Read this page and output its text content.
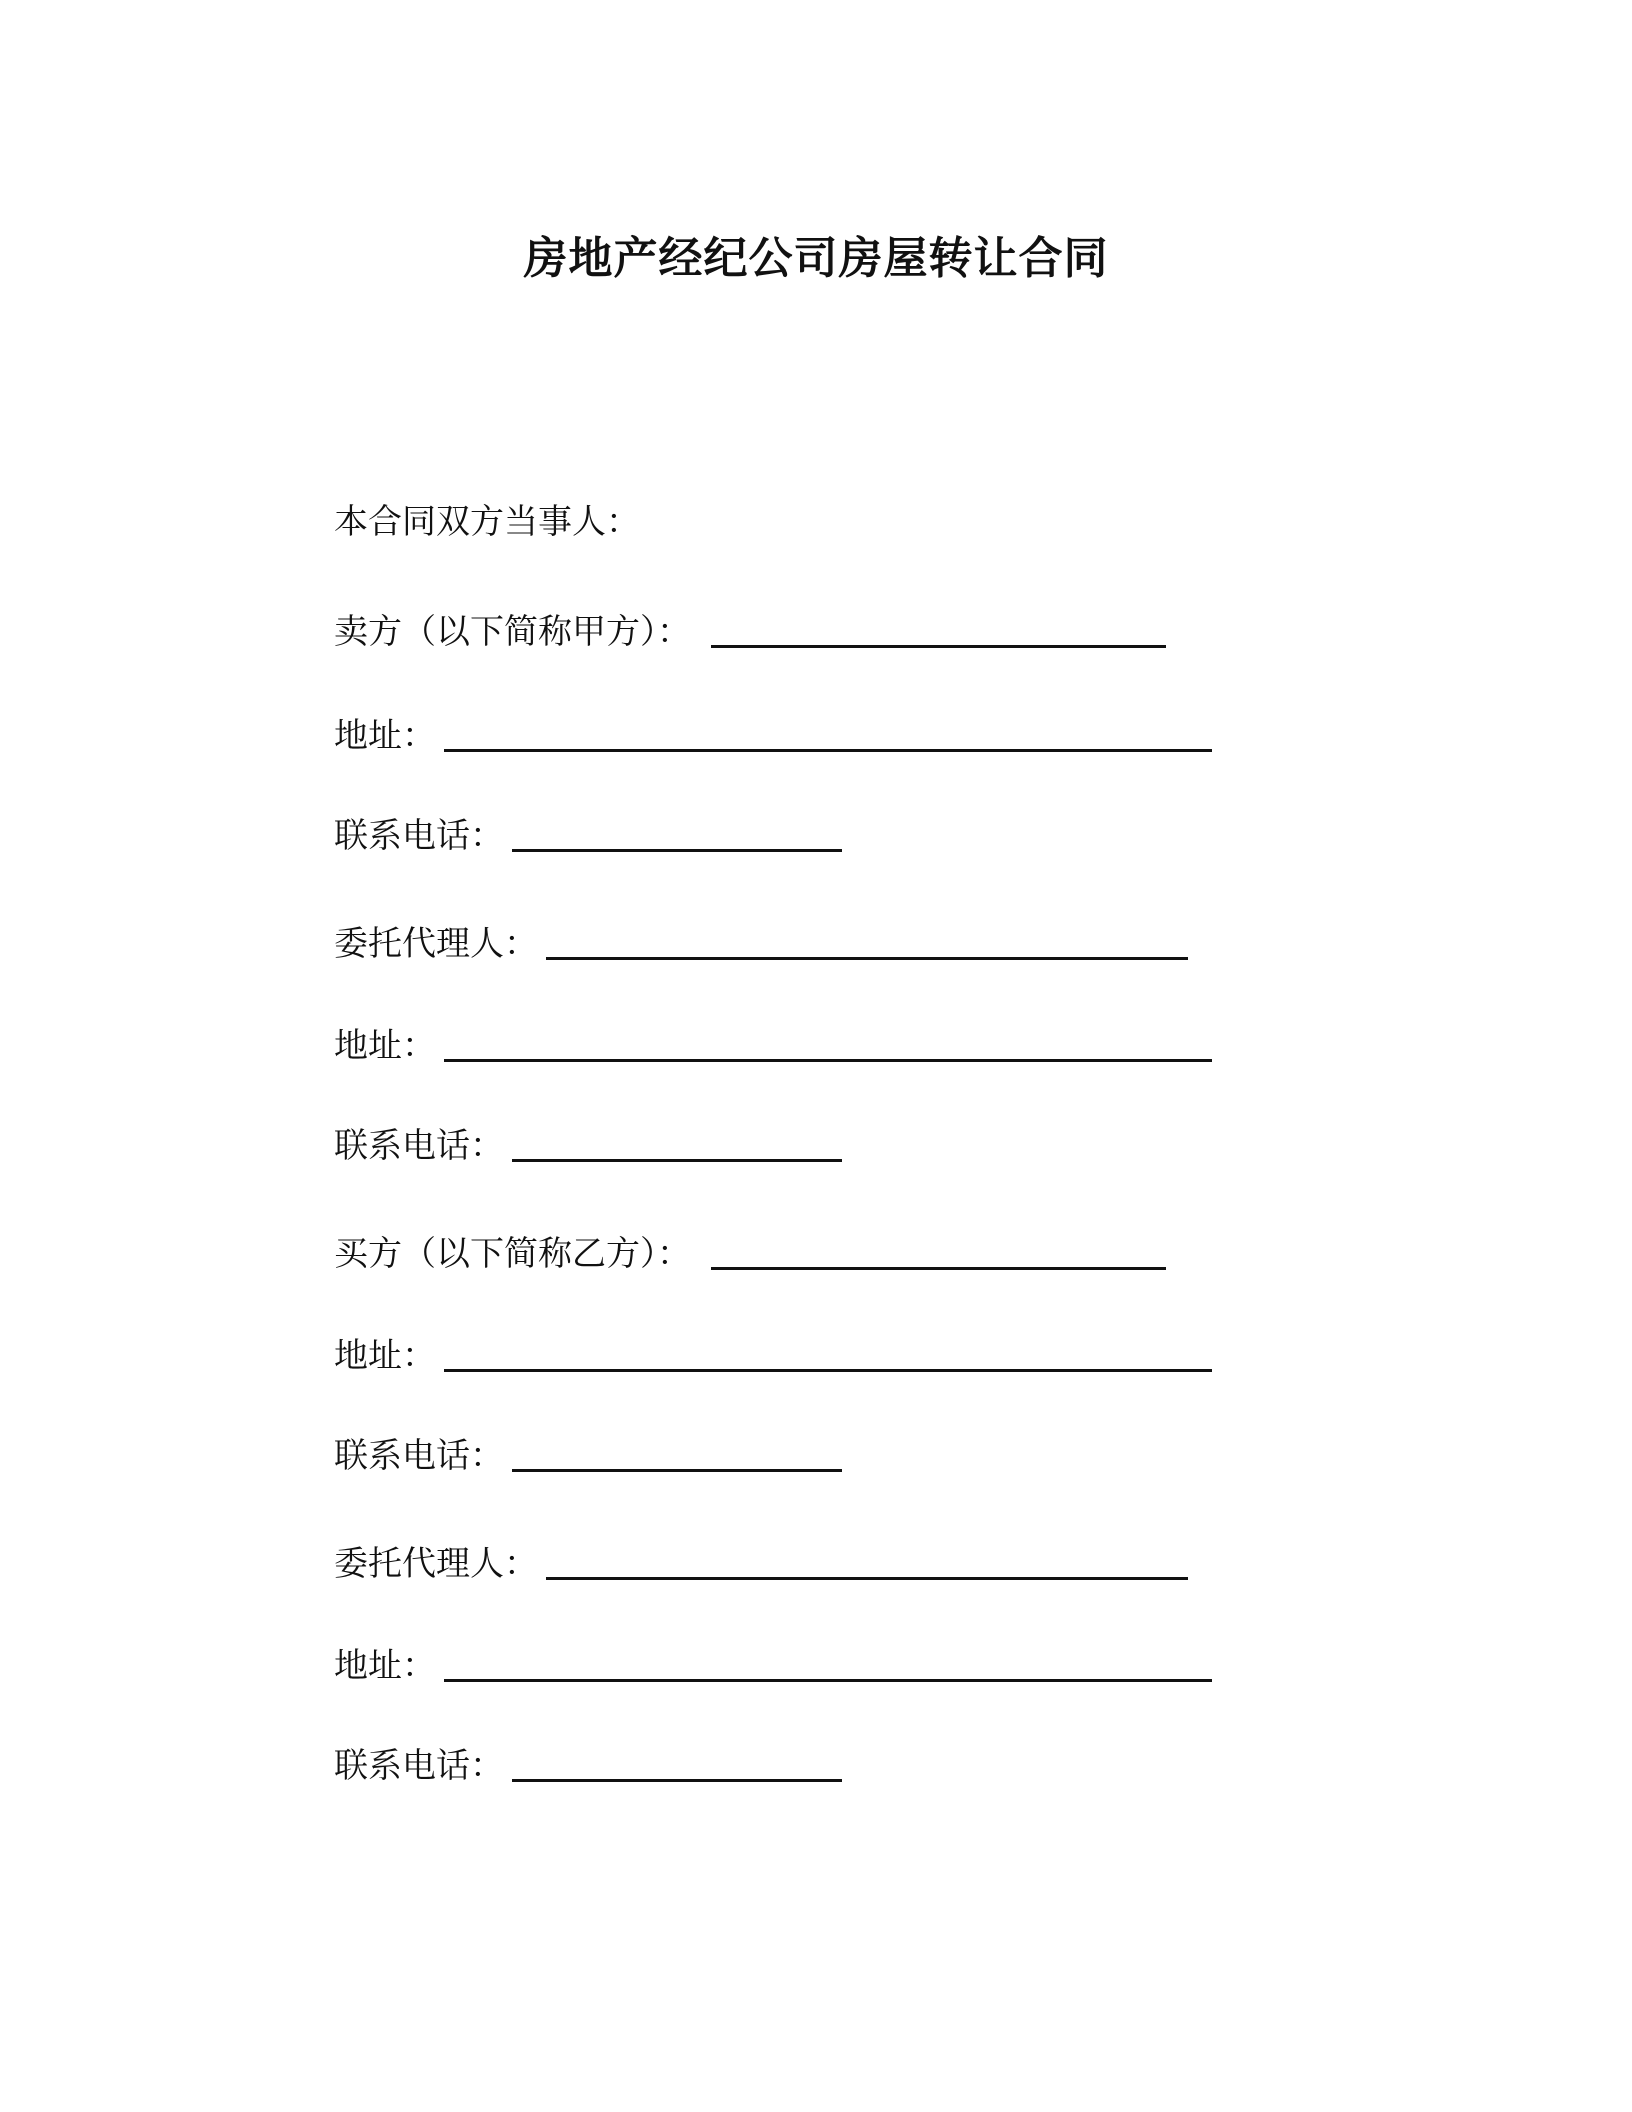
房地产经纪公司房屋转让合同

本合同双方当事人：

卖方（以下简称甲方）：
地址：
联系电话：
委托代理人：
地址：
联系电话：
买方（以下简称乙方）：
地址：
联系电话：
委托代理人：
地址：
联系电话：
